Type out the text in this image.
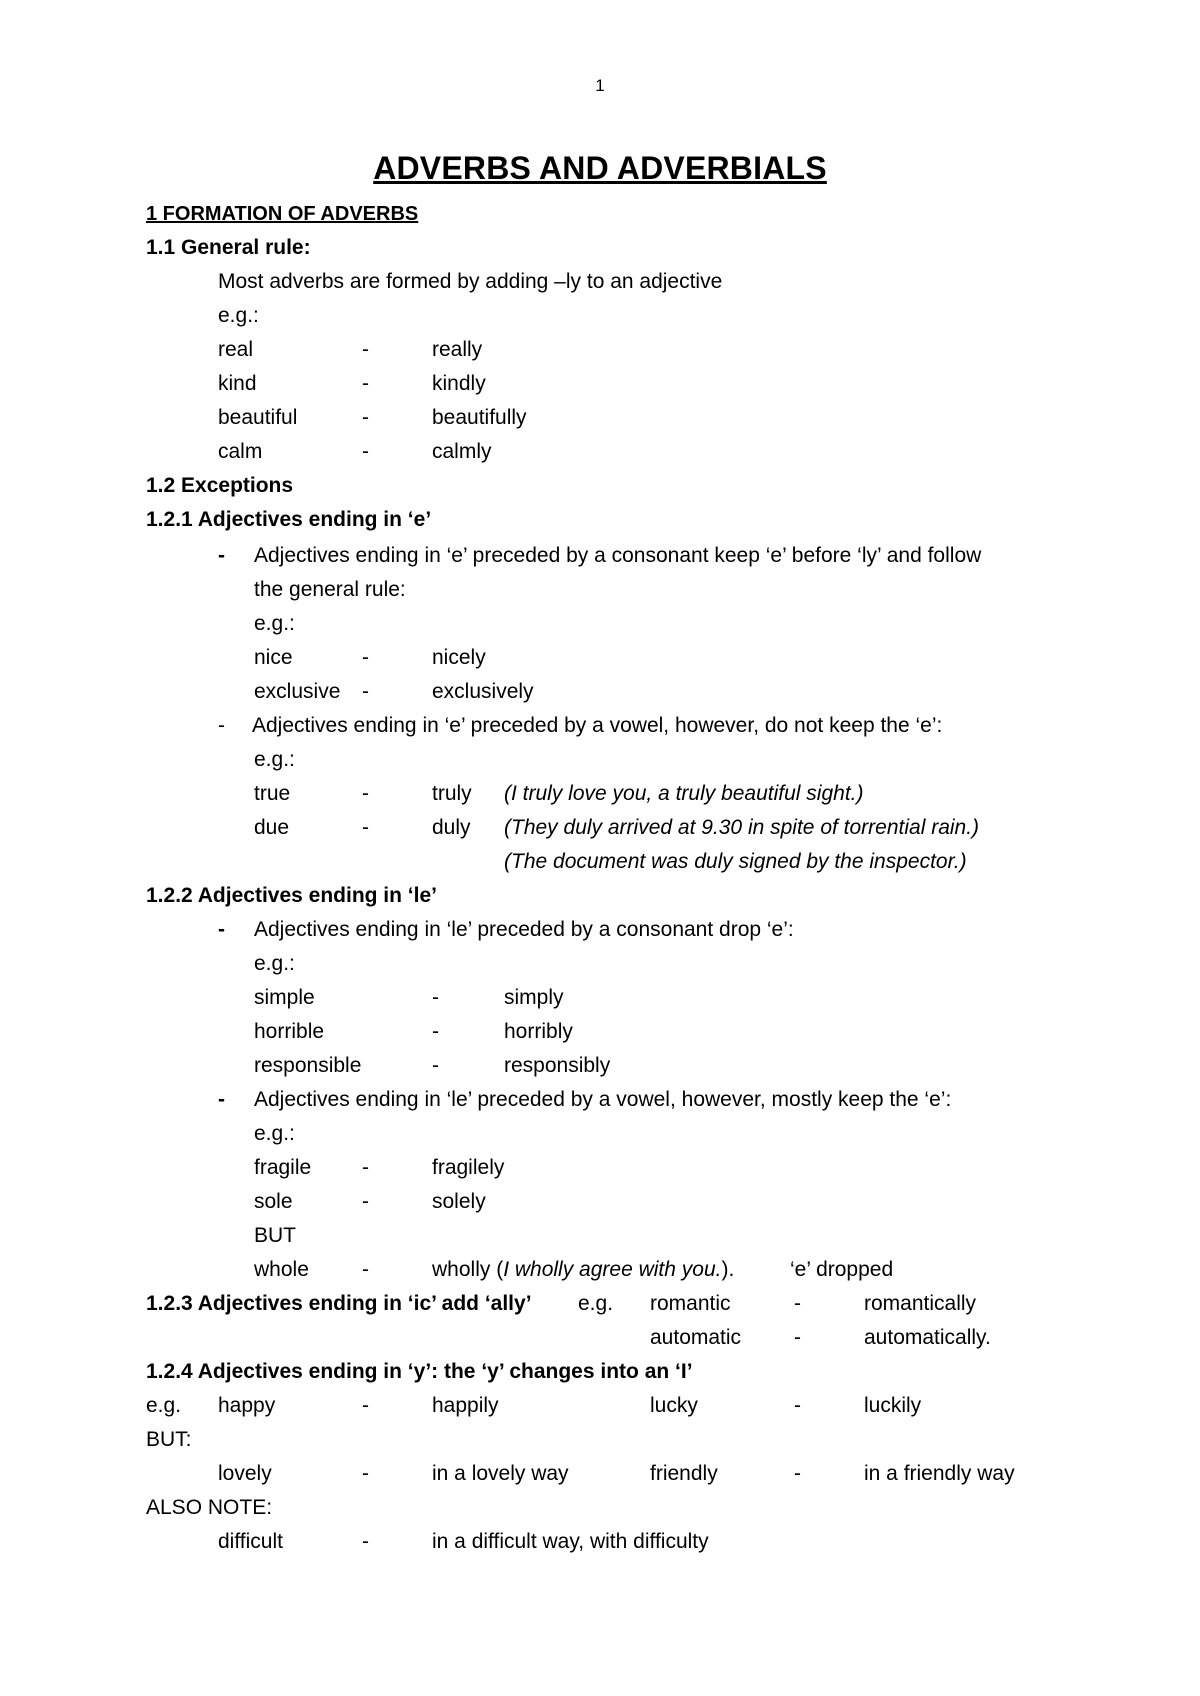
1
ADVERBS AND ADVERBIALS
1 FORMATION OF ADVERBS
1.1 General rule:
Most adverbs are formed by adding –ly to an adjective
e.g.:
real	-	really
kind	-	kindly
beautiful	-	beautifully
calm	-	calmly
1.2 Exceptions
1.2.1 Adjectives ending in ‘e’
- Adjectives ending in ‘e’ preceded by a consonant keep ‘e’ before ‘ly’ and follow
the general rule:
e.g.:
nice	-	nicely
exclusive -	exclusively
- Adjectives ending in ‘e’ preceded by a vowel, however, do not keep the ‘e’:
e.g.:
true	-	truly (I truly love you, a truly beautiful sight.)
due	-	duly (They duly arrived at 9.30 in spite of torrential rain.)
(The document was duly signed by the inspector.)
1.2.2 Adjectives ending in ‘le’
- Adjectives ending in ‘le’ preceded by a consonant drop ‘e’:
e.g.:
simple	-	simply
horrible	-	horribly
responsible	-	responsibly
- Adjectives ending in ‘le’ preceded by a vowel, however, mostly keep the ‘e’:
e.g.:
fragile -	fragilely
sole	-	solely
BUT
whole	-	wholly (I wholly agree with you.).	‘e’ dropped
1.2.3 Adjectives ending in ‘ic’ add ‘ally’ e.g. romantic	-	romantically
automatic	-	automatically.
1.2.4 Adjectives ending in ‘y’: the ‘y’ changes into an ‘I’
e.g. happy	-	happily	lucky	-	luckily
BUT:
lovely	-	in a lovely way	friendly	-	in a friendly way
ALSO NOTE:
difficult	-	in a difficult way, with difficulty
